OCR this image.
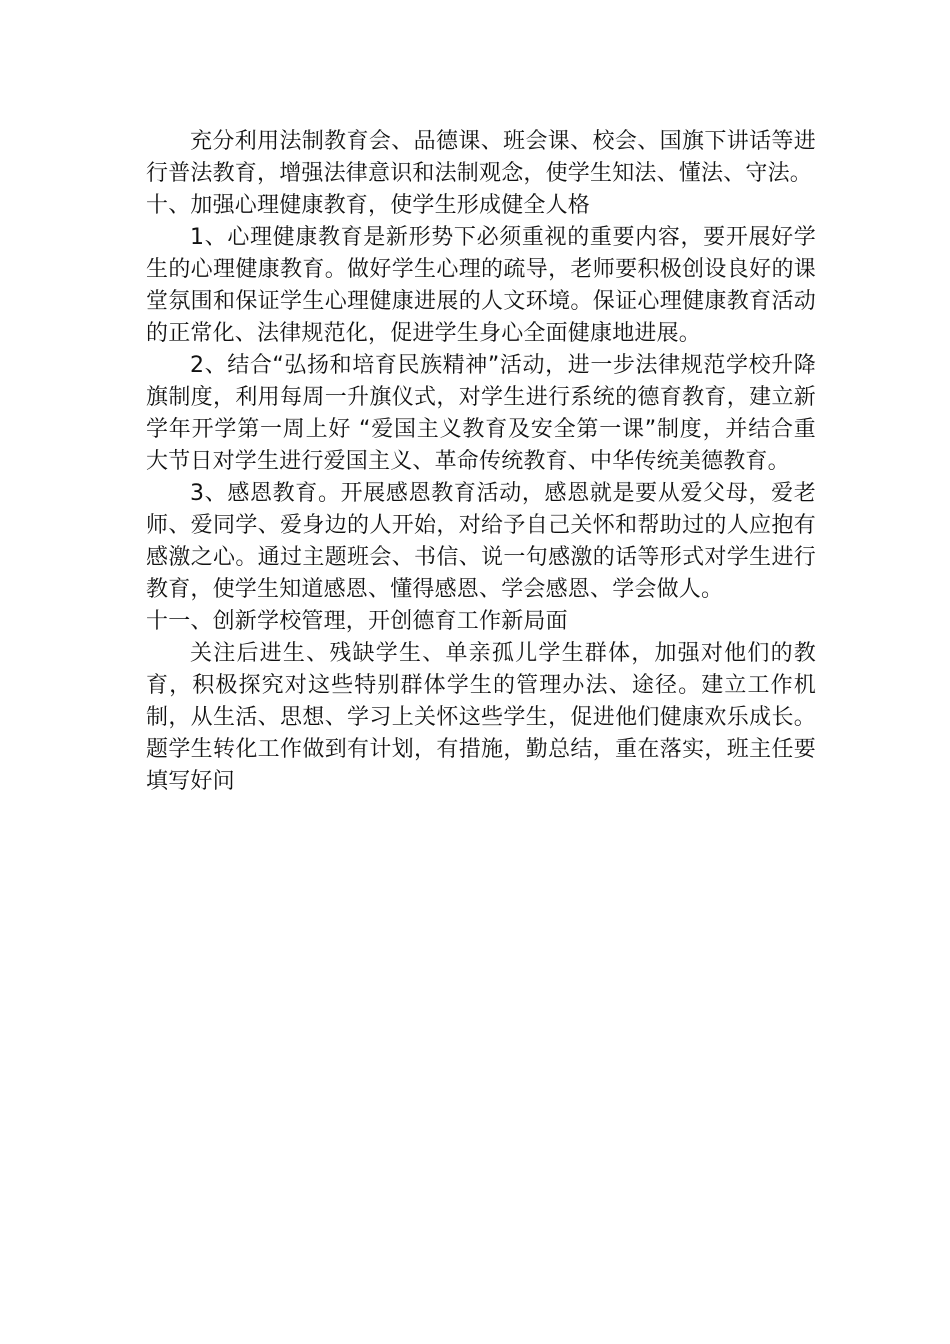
充分利用法制教育会、品德课、班会课、校会、国旗下讲话等进行普法教育，增强法律意识和法制观念，使学生知法、懂法、守法。

十、加强心理健康教育，使学生形成健全人格

1、心理健康教育是新形势下必须重视的重要内容，要开展好学生的心理健康教育。做好学生心理的疏导，老师要积极创设良好的课堂氛围和保证学生心理健康进展的人文环境。保证心理健康教育活动的正常化、法律规范化，促进学生身心全面健康地进展。

2、结合“弘扬和培育民族精神”活动，进一步法律规范学校升降旗制度，利用每周一升旗仪式，对学生进行系统的德育教育，建立新学年开学第一周上好 “爱国主义教育及安全第一课”制度，并结合重大节日对学生进行爱国主义、革命传统教育、中华传统美德教育。

3、感恩教育。开展感恩教育活动，感恩就是要从爱父母，爱老师、爱同学、爱身边的人开始，对给予自己关怀和帮助过的人应抱有感激之心。通过主题班会、书信、说一句感激的话等形式对学生进行教育，使学生知道感恩、懂得感恩、学会感恩、学会做人。

十一、创新学校管理，开创德育工作新局面

关注后进生、残缺学生、单亲孤儿学生群体，加强对他们的教育，积极探究对这些特别群体学生的管理办法、途径。建立工作机制，从生活、思想、学习上关怀这些学生，促进他们健康欢乐成长。题学生转化工作做到有计划，有措施，勤总结，重在落实，班主任要填写好问
